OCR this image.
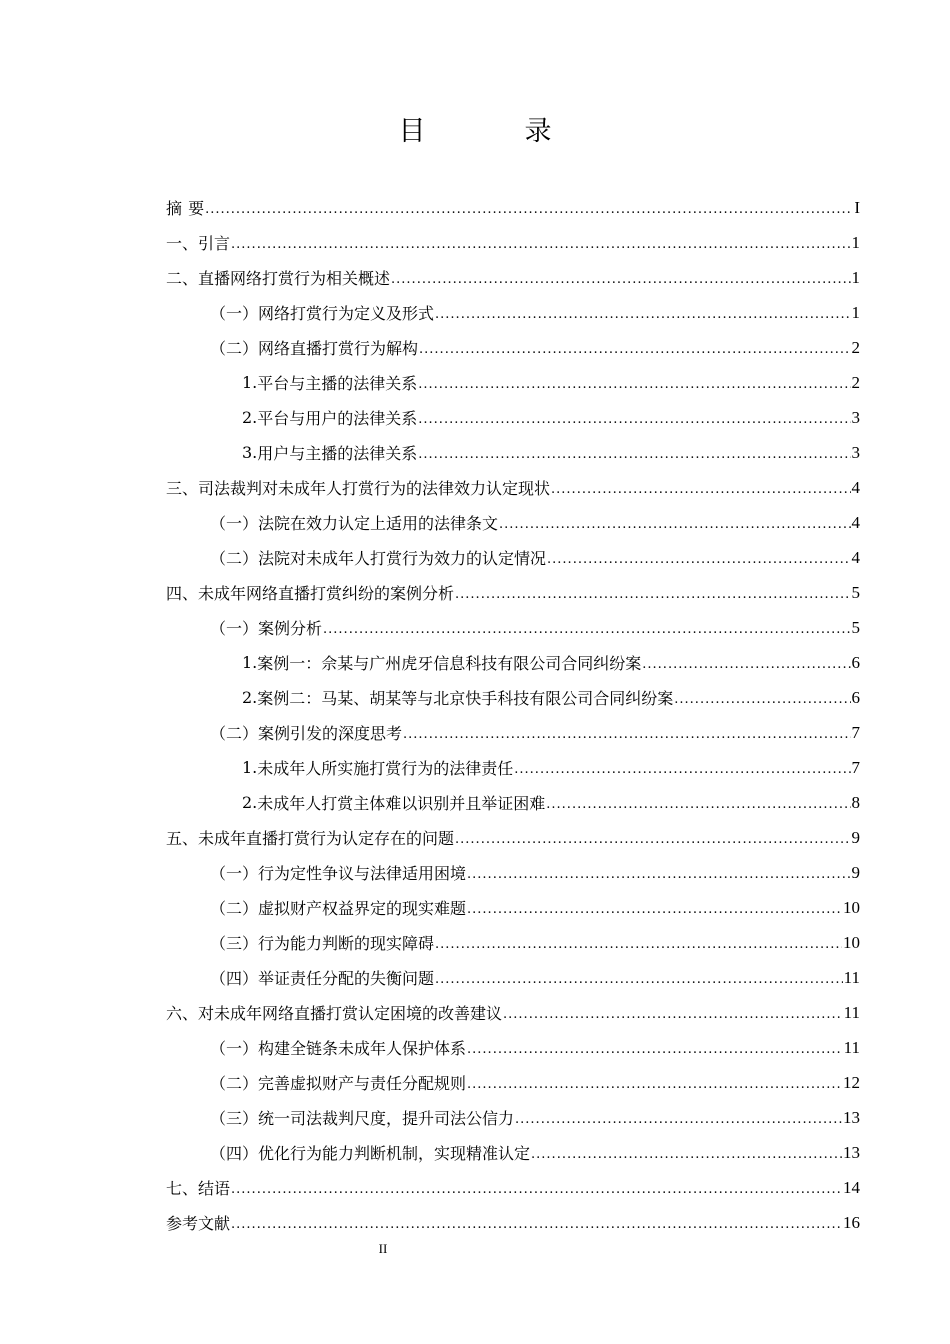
目　录
摘 要 .....	I
一、 引言 .....	1
二、 直播网络打赏行为相关概述 .....	1
（一） 网络打赏行为定义及形式 .....	1
（二） 网络直播打赏行为解构 .....	2
1. 平台与主播的法律关系 .....	2
2. 平台与用户的法律关系 .....	3
3. 用户与主播的法律关系 .....	3
三、 司法裁判对未成年人打赏行为的法律效力认定现状 .....	4
（一） 法院在效力认定上适用的法律条文 .....	4
（二） 法院对未成年人打赏行为效力的认定情况 .....	4
四、 未成年网络直播打赏纠纷的案例分析 .....	5
（一） 案例分析 .....	5
1. 案例一：佘某与广州虎牙信息科技有限公司合同纠纷案 .....	6
2. 案例二：马某、胡某等与北京快手科技有限公司合同纠纷案 .....	6
（二） 案例引发的深度思考 .....	7
1. 未成年人所实施打赏行为的法律责任 .....	7
2. 未成年人打赏主体难以识别并且举证困难 .....	8
五、 未成年直播打赏行为认定存在的问题 .....	9
（一） 行为定性争议与法律适用困境 .....	9
（二） 虚拟财产权益界定的现实难题 .....	10
（三） 行为能力判断的现实障碍 .....	10
（四） 举证责任分配的失衡问题 .....	11
六、 对未成年网络直播打赏认定困境的改善建议 .....	11
（一） 构建全链条未成年人保护体系 .....	11
（二） 完善虚拟财产与责任分配规则 .....	12
（三） 统一司法裁判尺度，提升司法公信力 .....	13
（四） 优化行为能力判断机制，实现精准认定 .....	13
七、 结语 .....	14
参考文献 .....	16
II
